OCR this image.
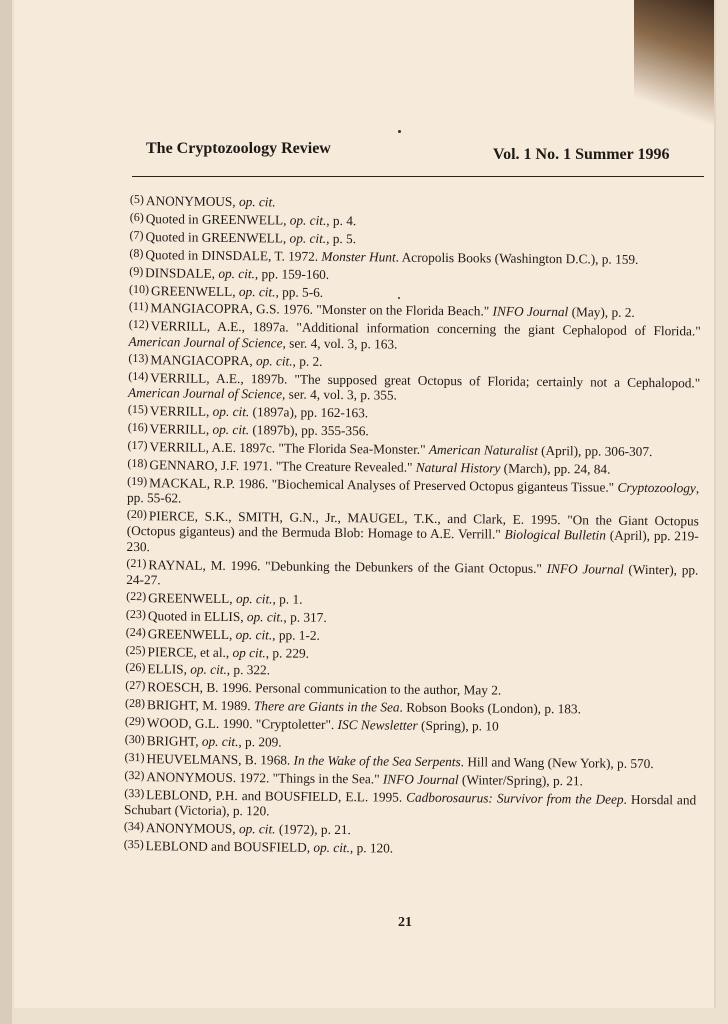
The Cryptozoology Review	Vol. 1 No. 1 Summer 1996
(5) ANONYMOUS, op. cit.
(6) Quoted in GREENWELL, op. cit., p. 4.
(7) Quoted in GREENWELL, op. cit., p. 5.
(8) Quoted in DINSDALE, T. 1972. Monster Hunt. Acropolis Books (Washington D.C.), p. 159.
(9) DINSDALE, op. cit., pp. 159-160.
(10) GREENWELL, op. cit., pp. 5-6.
(11) MANGIACOPRA, G.S. 1976. "Monster on the Florida Beach." INFO Journal (May), p. 2.
(12) VERRILL, A.E., 1897a. "Additional information concerning the giant Cephalopod of Florida." American Journal of Science, ser. 4, vol. 3, p. 163.
(13) MANGIACOPRA, op. cit., p. 2.
(14) VERRILL, A.E., 1897b. "The supposed great Octopus of Florida; certainly not a Cephalopod." American Journal of Science, ser. 4, vol. 3, p. 355.
(15) VERRILL, op. cit. (1897a), pp. 162-163.
(16) VERRILL, op. cit. (1897b), pp. 355-356.
(17) VERRILL, A.E. 1897c. "The Florida Sea-Monster." American Naturalist (April), pp. 306-307.
(18) GENNARO, J.F. 1971. "The Creature Revealed." Natural History (March), pp. 24, 84.
(19) MACKAL, R.P. 1986. "Biochemical Analyses of Preserved Octopus giganteus Tissue." Cryptozoology, pp. 55-62.
(20) PIERCE, S.K., SMITH, G.N., Jr., MAUGEL, T.K., and Clark, E. 1995. "On the Giant Octopus (Octopus giganteus) and the Bermuda Blob: Homage to A.E. Verrill." Biological Bulletin (April), pp. 219-230.
(21) RAYNAL, M. 1996. "Debunking the Debunkers of the Giant Octopus." INFO Journal (Winter), pp. 24-27.
(22) GREENWELL, op. cit., p. 1.
(23) Quoted in ELLIS, op. cit., p. 317.
(24) GREENWELL, op. cit., pp. 1-2.
(25) PIERCE, et al., op cit., p. 229.
(26) ELLIS, op. cit., p. 322.
(27) ROESCH, B. 1996. Personal communication to the author, May 2.
(28) BRIGHT, M. 1989. There are Giants in the Sea. Robson Books (London), p. 183.
(29) WOOD, G.L. 1990. "Cryptoletter". ISC Newsletter (Spring), p. 10
(30) BRIGHT, op. cit., p. 209.
(31) HEUVELMANS, B. 1968. In the Wake of the Sea Serpents. Hill and Wang (New York), p. 570.
(32) ANONYMOUS. 1972. "Things in the Sea." INFO Journal (Winter/Spring), p. 21.
(33) LEBLOND, P.H. and BOUSFIELD, E.L. 1995. Cadborosaurus: Survivor from the Deep. Horsdal and Schubart (Victoria), p. 120.
(34) ANONYMOUS, op. cit. (1972), p. 21.
(35) LEBLOND and BOUSFIELD, op. cit., p. 120.
21
